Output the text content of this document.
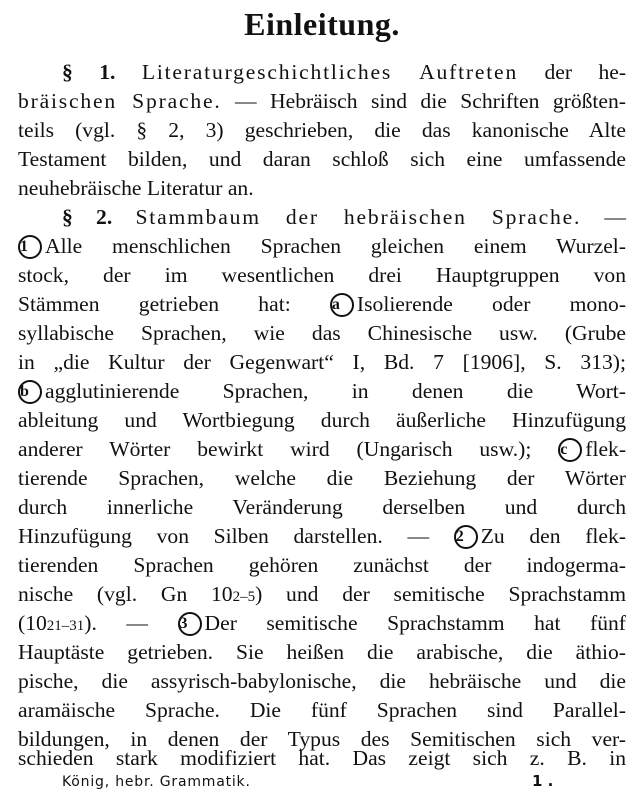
Einleitung.
§ 1. Literaturgeschichtliches Auftreten der he-
bräischen Sprache. — Hebräisch sind die Schriften größten-
teils (vgl. § 2, 3) geschrieben, die das kanonische Alte
Testament bilden, und daran schloß sich eine umfassende
neuhebräische Literatur an.
§ 2. Stammbaum der hebräischen Sprache. —
1 Alle menschlichen Sprachen gleichen einem Wurzel-
stock, der im wesentlichen drei Hauptgruppen von
Stämmen getrieben hat:	a Isolierende oder mono-
syllabische Sprachen, wie das Chinesische usw. (Grube
in „die Kultur der Gegenwart“ I, Bd. 7 [1906], S. 313);
b agglutinierende Sprachen, in denen die Wort-
ableitung und Wortbiegung durch äußerliche Hinzufügung
anderer Wörter bewirkt wird (Ungarisch usw.); c flek-
tierende Sprachen, welche die Beziehung der Wörter
durch innerliche Veränderung derselben und durch
Hinzufügung von Silben darstellen. — 2 Zu den flek-
tierenden Sprachen gehören zunächst der indogerma-
nische (vgl. Gn 102–5) und der semitische Sprachstamm
(1021–31). — 3 Der semitische Sprachstamm hat fünf
Hauptäste getrieben. Sie heißen die arabische, die äthio-
pische, die assyrisch-babylonische, die hebräische und die
aramäische Sprache. Die fünf Sprachen sind Parallel-
bildungen, in denen der Typus des Semitischen sich ver-
schieden stark modifiziert hat. Das zeigt sich z. B. in
König, hebr. Grammatik.	1 .
